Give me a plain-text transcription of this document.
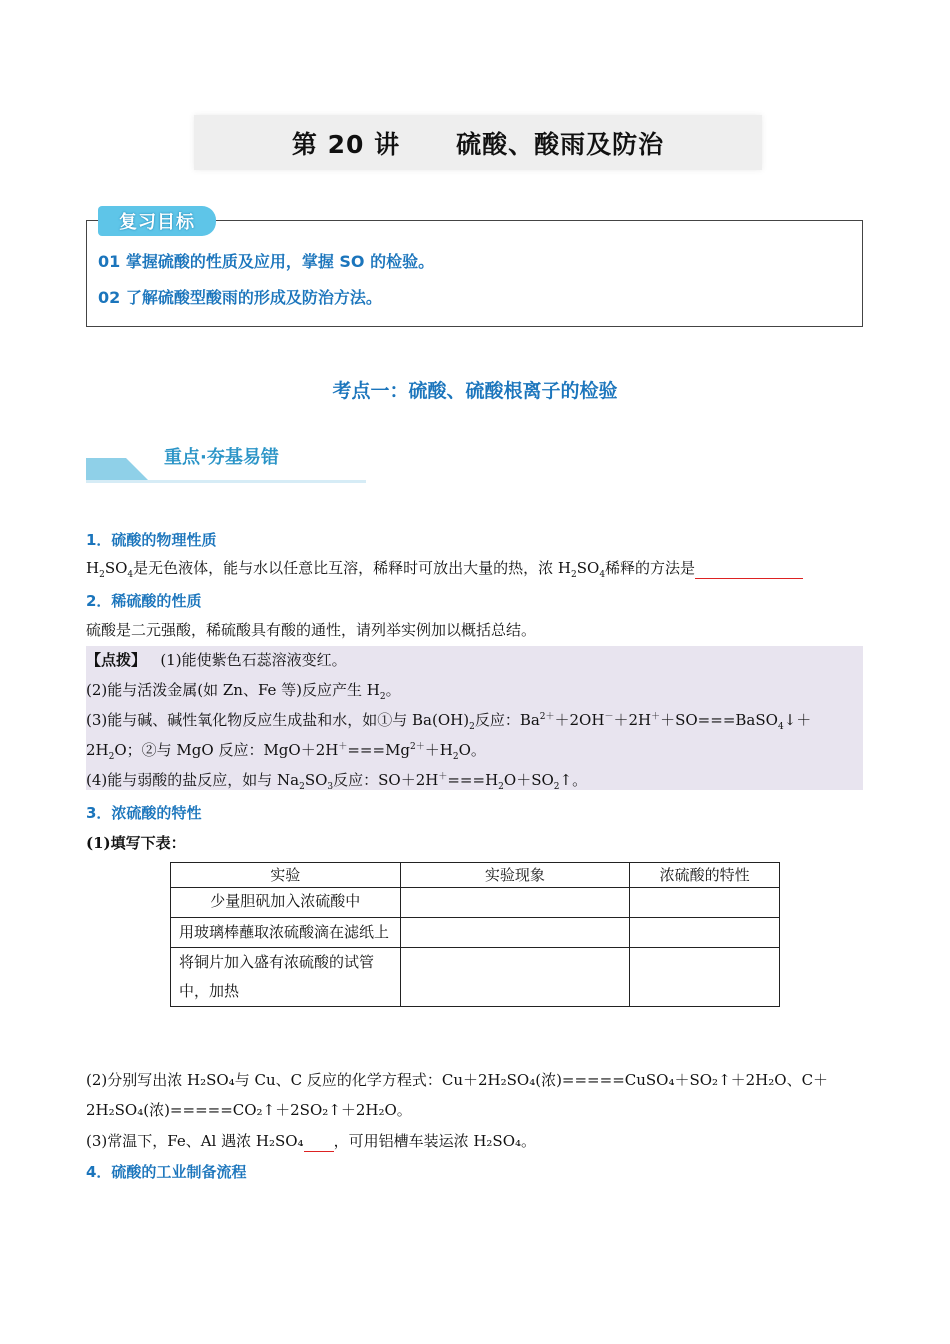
第 20 讲 硫酸、酸雨及防治
复习目标
01 掌握硫酸的性质及应用，掌握 SO 的检验。
02 了解硫酸型酸雨的形成及防治方法。
考点一：硫酸、硫酸根离子的检验
重点·夯基易错
1．硫酸的物理性质
$H_2SO_4$是无色液体，能与水以任意比互溶，稀释时可放出大量的热，浓 $H_2SO_4$稀释的方法是
2．稀硫酸的性质
硫酸是二元强酸，稀硫酸具有酸的通性，请列举实例加以概括总结。
【点拨】 (1)能使紫色石蕊溶液变红。
(2)能与活泼金属(如 Zn、Fe 等)反应产生 $H_2$。
(3)能与碱、碱性氧化物反应生成盐和水，如①与 $Ba(OH)_2$反应：$Ba^{2+}+2OH^-+2H^++SO===BaSO_4↓+$
$2H_2O$；②与 MgO 反应：$MgO+2H^+===Mg^{2+}+H_2O$。
(4)能与弱酸的盐反应，如与 $Na_2SO_3$反应：$SO+2H^+===H_2O+SO_2↑$。
3．浓硫酸的特性
(1)填写下表：
实验	实验现象	浓硫酸的特性
少量胆矾加入浓硫酸中		
用玻璃棒蘸取浓硫酸滴在滤纸上		
将铜片加入盛有浓硫酸的试管中，加热		
(2)分别写出浓 H₂SO₄与 Cu、C 反应的化学方程式：Cu＋2H₂SO₄(浓)=====CuSO₄＋SO₂↑＋2H₂O、C＋
2H₂SO₄(浓)=====CO₂↑＋2SO₂↑＋2H₂O。
(3)常温下，Fe、Al 遇浓 H₂SO₄ ，可用铝槽车装运浓 H₂SO₄。
4．硫酸的工业制备流程
